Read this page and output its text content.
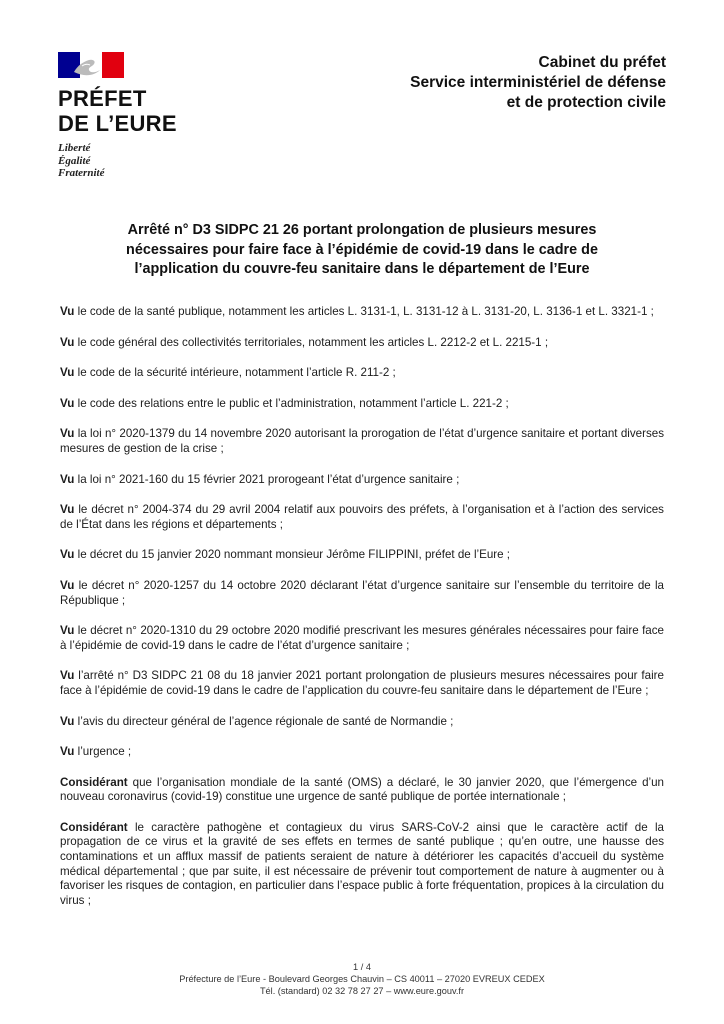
PRÉFET
DE L’EURE
Liberté
Égalité
Fraternité
Cabinet du préfet
Service interministériel de défense
et de protection civile
Arrêté n° D3 SIDPC 21 26 portant prolongation de plusieurs mesures
nécessaires pour faire face à l’épidémie de covid-19 dans le cadre de
l’application du couvre-feu sanitaire dans le département de l’Eure

Vu le code de la santé publique, notamment les articles L. 3131-1, L. 3131-12 à L. 3131-20, L. 3136-1 et L. 3321-1 ;

Vu le code général des collectivités territoriales, notamment les articles L. 2212-2 et L. 2215-1 ;

Vu le code de la sécurité intérieure, notamment l’article R. 211-2 ;

Vu le code des relations entre le public et l’administration, notamment l’article L. 221-2 ;

Vu la loi n° 2020-1379 du 14 novembre 2020 autorisant la prorogation de l’état d’urgence sanitaire et portant diverses mesures de gestion de la crise ;

Vu la loi n° 2021-160 du 15 février 2021 prorogeant l’état d’urgence sanitaire ;

Vu le décret n° 2004-374 du 29 avril 2004 relatif aux pouvoirs des préfets, à l’organisation et à l’action des services de l’État dans les régions et départements ;

Vu le décret du 15 janvier 2020 nommant monsieur Jérôme FILIPPINI, préfet de l’Eure ;

Vu le décret n° 2020-1257 du 14 octobre 2020 déclarant l’état d’urgence sanitaire sur l’ensemble du territoire de la République ;

Vu le décret n° 2020-1310 du 29 octobre 2020 modifié prescrivant les mesures générales nécessaires pour faire face à l’épidémie de covid-19 dans le cadre de l’état d’urgence sanitaire ;

Vu l’arrêté n° D3 SIDPC 21 08 du 18 janvier 2021 portant prolongation de plusieurs mesures nécessaires pour faire face à l’épidémie de covid-19 dans le cadre de l’application du couvre-feu sanitaire dans le département de l’Eure ;

Vu l’avis du directeur général de l’agence régionale de santé de Normandie ;

Vu l’urgence ;

Considérant que l’organisation mondiale de la santé (OMS) a déclaré, le 30 janvier 2020, que l’émergence d’un nouveau coronavirus (covid-19) constitue une urgence de santé publique de portée internationale ;

Considérant le caractère pathogène et contagieux du virus SARS-CoV-2 ainsi que le caractère actif de la propagation de ce virus et la gravité de ses effets en termes de santé publique ; qu’en outre, une hausse des contaminations et un afflux massif de patients seraient de nature à détériorer les capacités d’accueil du système médical départemental ; que par suite, il est nécessaire de prévenir tout comportement de nature à augmenter ou à favoriser les risques de contagion, en particulier dans l’espace public à forte fréquentation, propices à la circulation du virus ;

1 / 4
Préfecture de l’Eure - Boulevard Georges Chauvin – CS 40011 – 27020 EVREUX CEDEX
Tél. (standard) 02 32 78 27 27 – www.eure.gouv.fr
